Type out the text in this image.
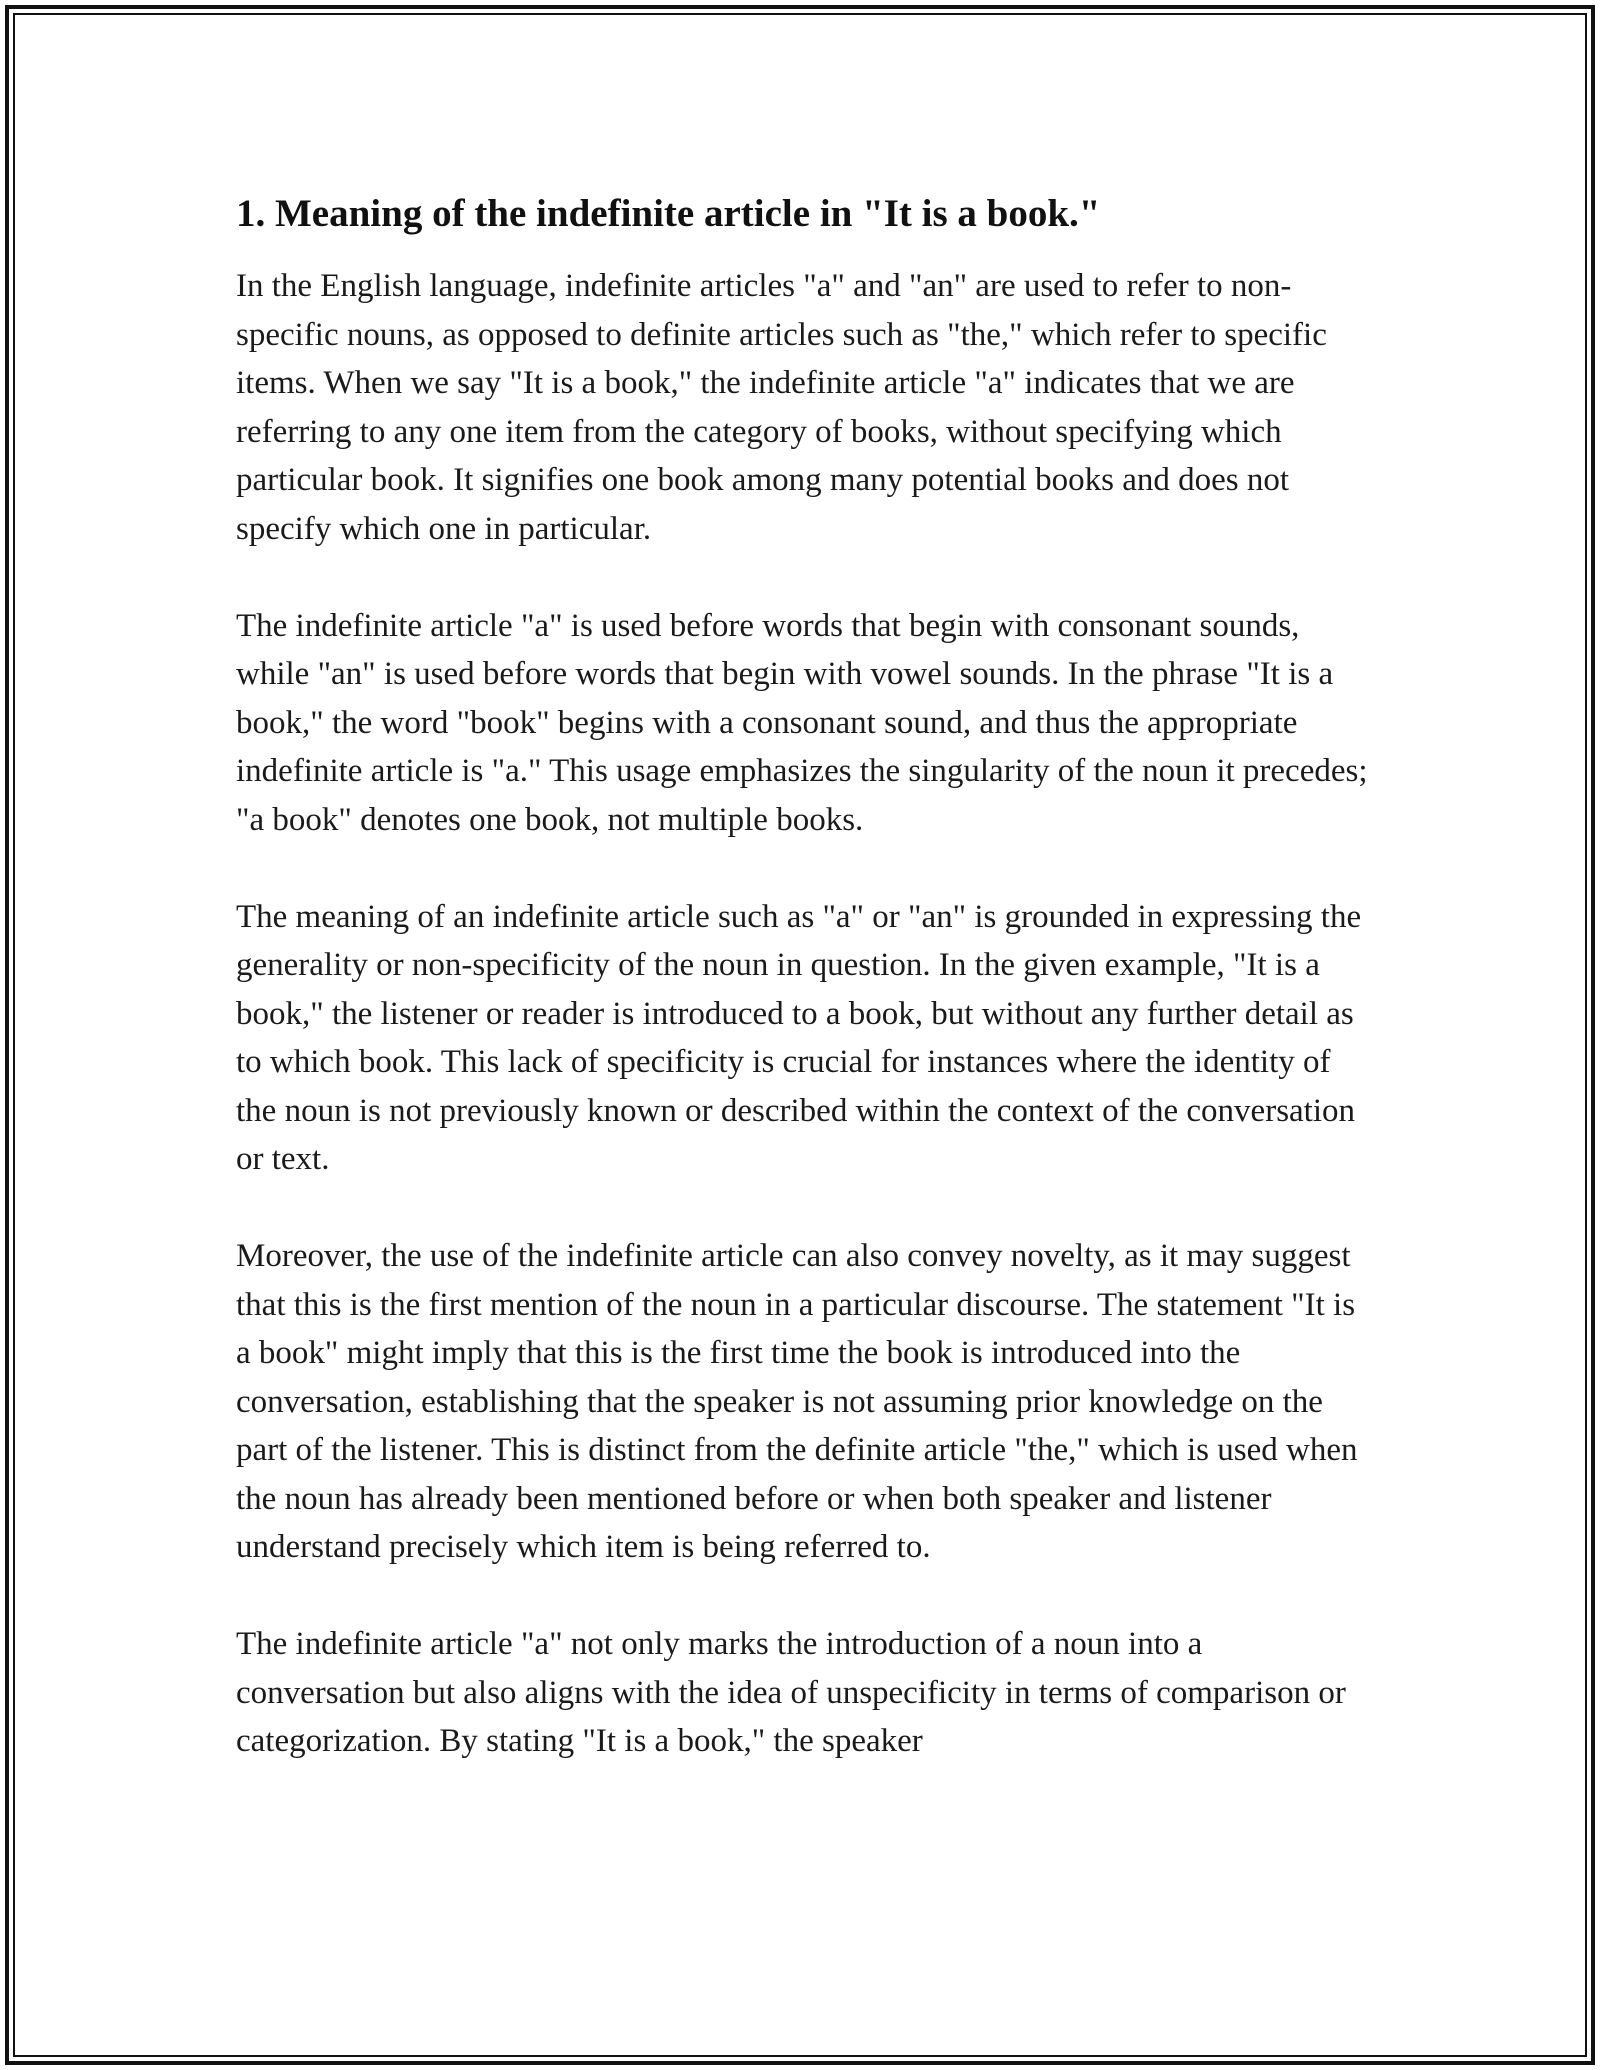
1. Meaning of the indefinite article in "It is a book."

In the English language, indefinite articles "a" and "an" are used to refer to non-specific nouns, as opposed to definite articles such as "the," which refer to specific items. When we say "It is a book," the indefinite article "a" indicates that we are referring to any one item from the category of books, without specifying which particular book. It signifies one book among many potential books and does not specify which one in particular.

The indefinite article "a" is used before words that begin with consonant sounds, while "an" is used before words that begin with vowel sounds. In the phrase "It is a book," the word "book" begins with a consonant sound, and thus the appropriate indefinite article is "a." This usage emphasizes the singularity of the noun it precedes; "a book" denotes one book, not multiple books.

The meaning of an indefinite article such as "a" or "an" is grounded in expressing the generality or non-specificity of the noun in question. In the given example, "It is a book," the listener or reader is introduced to a book, but without any further detail as to which book. This lack of specificity is crucial for instances where the identity of the noun is not previously known or described within the context of the conversation or text.

Moreover, the use of the indefinite article can also convey novelty, as it may suggest that this is the first mention of the noun in a particular discourse. The statement "It is a book" might imply that this is the first time the book is introduced into the conversation, establishing that the speaker is not assuming prior knowledge on the part of the listener. This is distinct from the definite article "the," which is used when the noun has already been mentioned before or when both speaker and listener understand precisely which item is being referred to.

The indefinite article "a" not only marks the introduction of a noun into a conversation but also aligns with the idea of unspecificity in terms of comparison or categorization. By stating "It is a book," the speaker
